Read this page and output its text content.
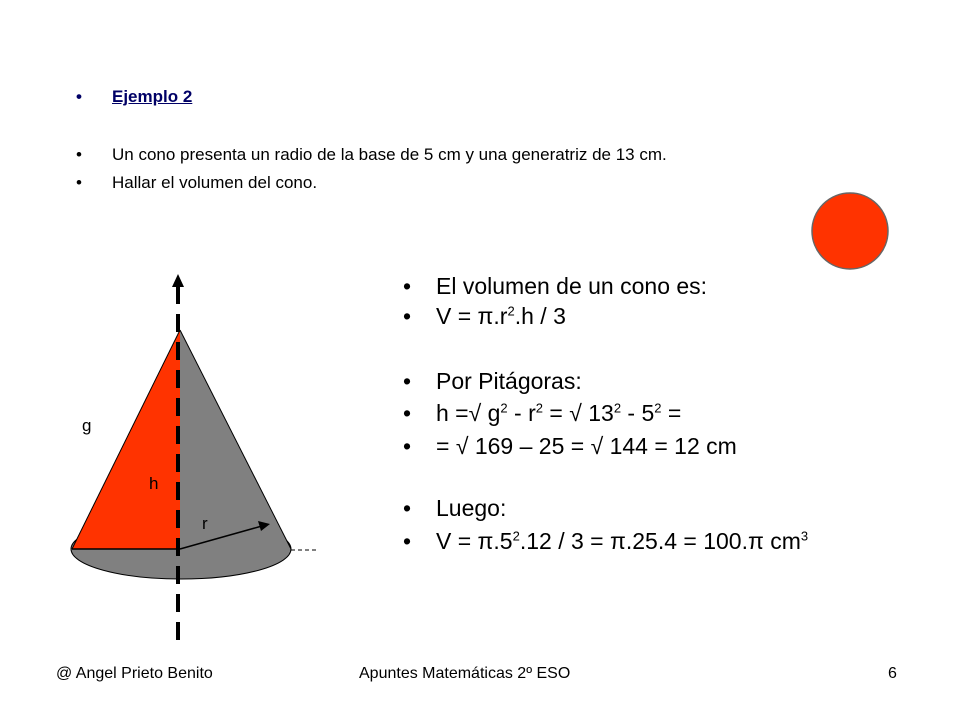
• Ejemplo 2
• Un cono presenta un radio de la base de 5 cm y una generatriz de 13 cm.
• Hallar el volumen del cono.
g
h
r
• El volumen de un cono es:
• $V = \pi.r^2.h / 3$
• Por Pitágoras:
• h =√ $g^2 - r^2$ = √ $13^2 - 5^2$ =
• = √ 169 – 25 = √ 144 = 12 cm
• Luego:
• $V = \pi.5^2.12 / 3 = \pi.25.4 = 100.\pi$ $cm^3$
@ Angel Prieto Benito	Apuntes Matemáticas 2º ESO	6
